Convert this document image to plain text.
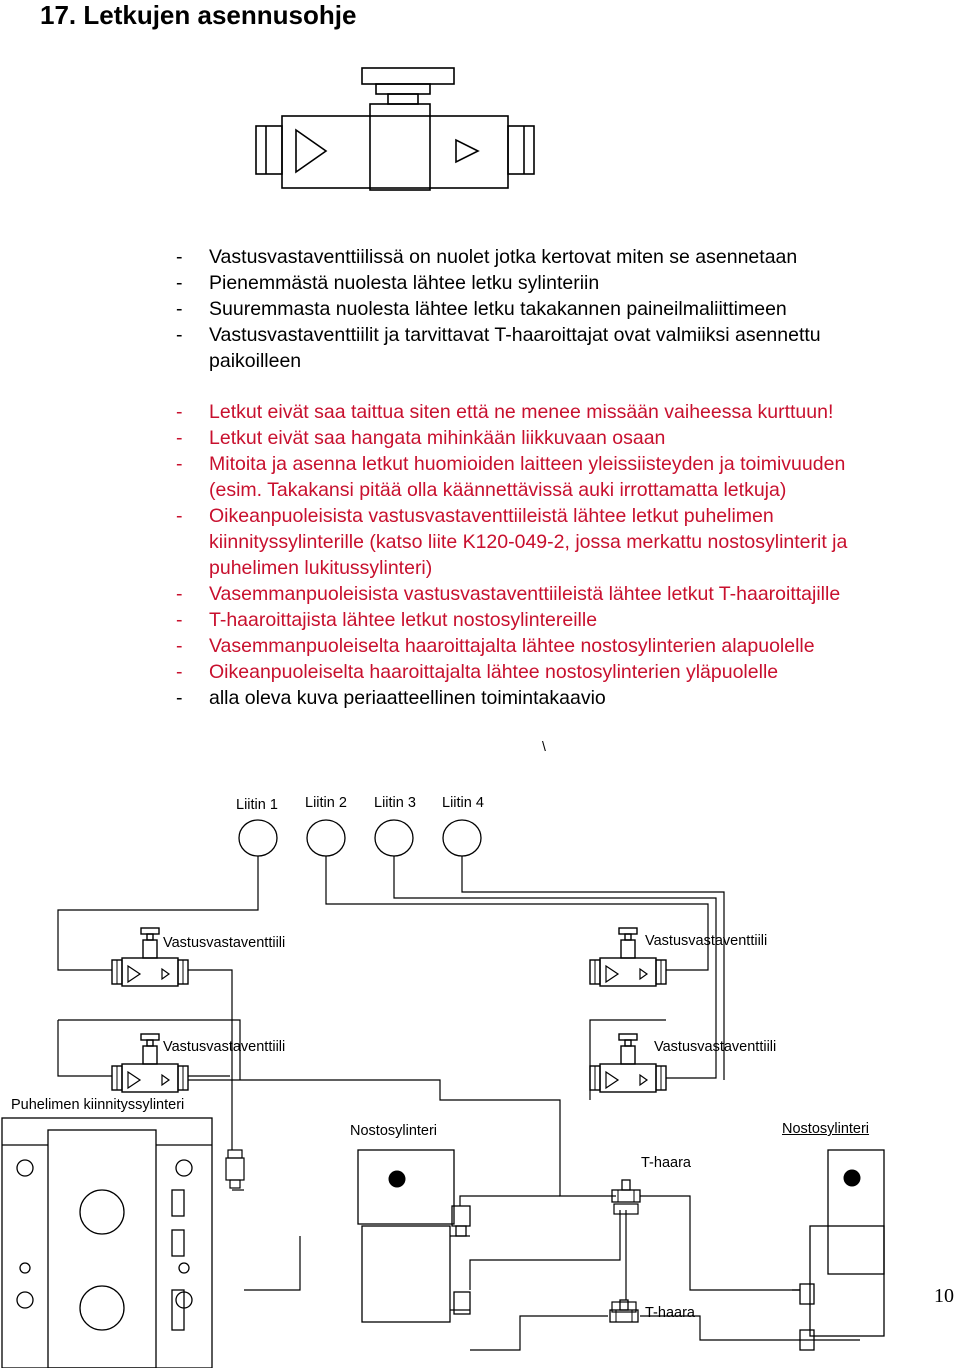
17. Letkujen asennusohje
- Vastusvastaventtiilissä on nuolet jotka kertovat miten se asennetaan
- Pienemmästä nuolesta lähtee letku sylinteriin
- Suuremmasta nuolesta lähtee letku takakannen paineilmaliittimeen
- Vastusvastaventtiilit ja tarvittavat T-haaroittajat ovat valmiiksi asennettu
paikoilleen
- Letkut eivät saa taittua siten että ne menee missään vaiheessa kurttuun!
- Letkut eivät saa hangata mihinkään liikkuvaan osaan
- Mitoita ja asenna letkut huomioiden laitteen yleissiisteyden ja toimivuuden
(esim. Takakansi pitää olla käännettävissä auki irrottamatta letkuja)
- Oikeanpuoleisista vastusvastaventtiileistä lähtee letkut puhelimen
kiinnityssylinterille (katso liite K120-049-2, jossa merkattu nostosylinterit ja
puhelimen lukitussylinteri)
- Vasemmanpuoleisista vastusvastaventtiileistä lähtee letkut T-haaroittajille
- T-haaroittajista lähtee letkut nostosylintereille
- Vasemmanpuoleiselta haaroittajalta lähtee nostosylinterien alapuolelle
- Oikeanpuoleiselta haaroittajalta lähtee nostosylinterien yläpuolelle
- alla oleva kuva periaatteellinen toimintakaavio
\
Liitin 1 Liitin 2 Liitin 3 Liitin 4
Vastusvastaventtiili	Vastusvastaventtiili
Vastusvastaventtiili	Vastusvastaventtiili
Puhelimen kiinnityssylinteri
Nostosylinteri	Nostosylinteri
T-haara
T-haara
10
